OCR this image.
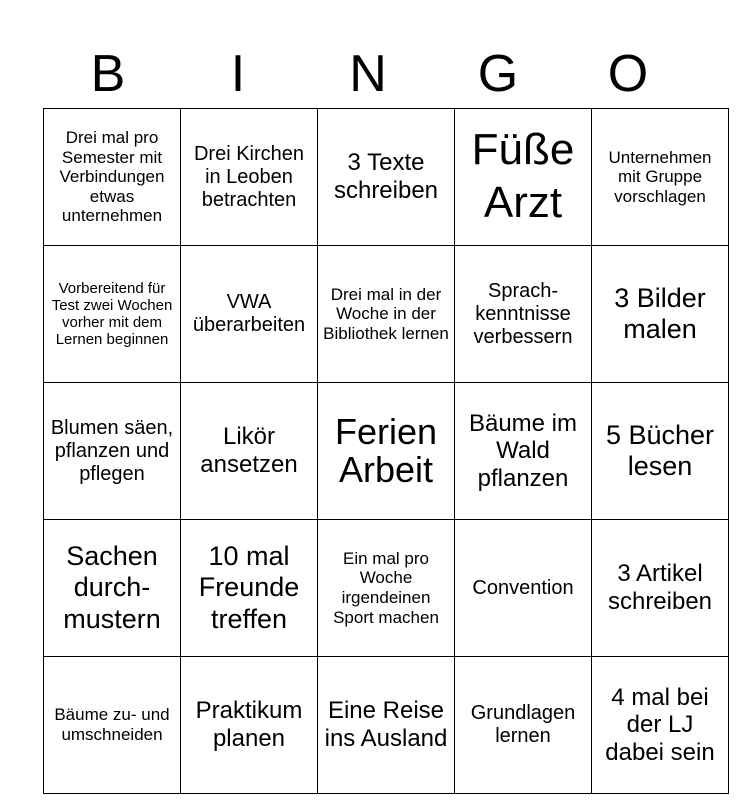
B	I	N	G	O
Drei mal pro Semester mit Verbindungen etwas unternehmen	Drei Kirchen in Leoben betrachten	3 Texte schreiben	Füße Arzt	Unternehmen mit Gruppe vorschlagen
Vorbereitend für Test zwei Wochen vorher mit dem Lernen beginnen	VWA überarbeiten	Drei mal in der Woche in der Bibliothek lernen	Sprach-kenntnisse verbessern	3 Bilder malen
Blumen säen, pflanzen und pflegen	Likör ansetzen	Ferien Arbeit	Bäume im Wald pflanzen	5 Bücher lesen
Sachen durch-mustern	10 mal Freunde treffen	Ein mal pro Woche irgendeinen Sport machen	Convention	3 Artikel schreiben
Bäume zu- und umschneiden	Praktikum planen	Eine Reise ins Ausland	Grundlagen lernen	4 mal bei der LJ dabei sein
